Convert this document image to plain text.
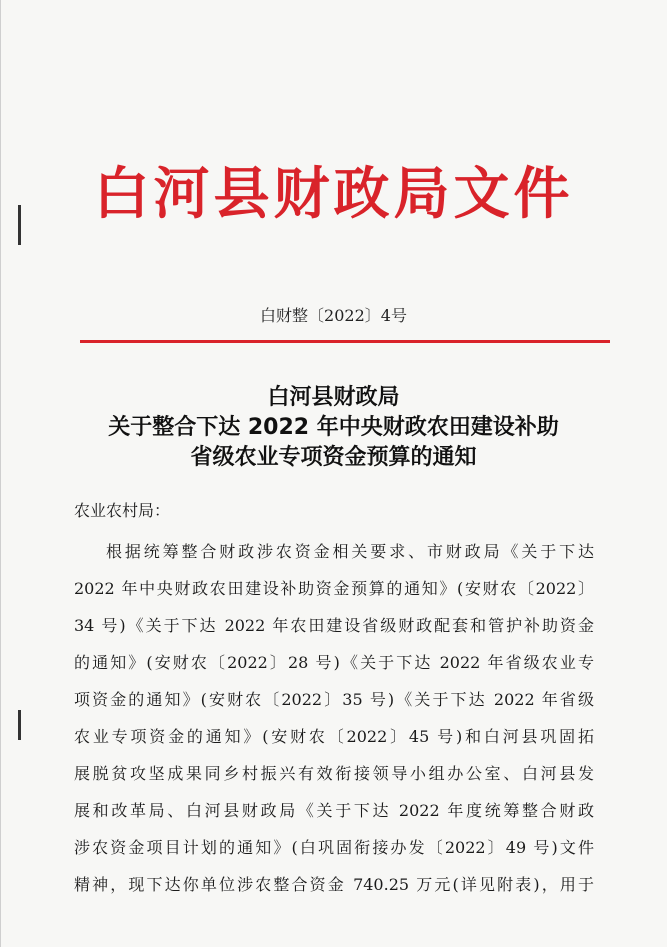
白河县财政局文件
白财整〔2022〕4号
白河县财政局
关于整合下达 2022 年中央财政农田建设补助
省级农业专项资金预算的通知
农业农村局：
根据统筹整合财政涉农资金相关要求、市财政局《关于下达
2022 年中央财政农田建设补助资金预算的通知》(安财农〔2022〕
34 号)《关于下达 2022 年农田建设省级财政配套和管护补助资金
的通知》(安财农〔2022〕28 号)《关于下达 2022 年省级农业专
项资金的通知》(安财农〔2022〕35 号)《关于下达 2022 年省级
农业专项资金的通知》(安财农〔2022〕45 号)和白河县巩固拓
展脱贫攻坚成果同乡村振兴有效衔接领导小组办公室、白河县发
展和改革局、白河县财政局《关于下达 2022 年度统筹整合财政
涉农资金项目计划的通知》(白巩固衔接办发〔2022〕49 号)文件
精神，现下达你单位涉农整合资金 740.25 万元(详见附表)，用于
